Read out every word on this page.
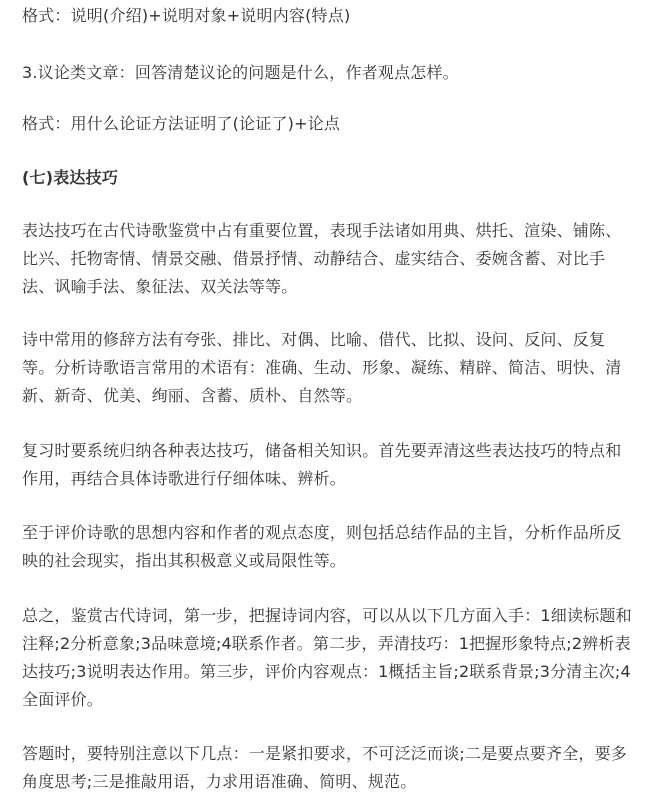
格式：说明(介绍)+说明对象+说明内容(特点)

3.议论类文章：回答清楚议论的问题是什么，作者观点怎样。

格式：用什么论证方法证明了(论证了)+论点

(七)表达技巧

表达技巧在古代诗歌鉴赏中占有重要位置，表现手法诸如用典、烘托、渲染、铺陈、比兴、托物寄情、情景交融、借景抒情、动静结合、虚实结合、委婉含蓄、对比手法、讽喻手法、象征法、双关法等等。

诗中常用的修辞方法有夸张、排比、对偶、比喻、借代、比拟、设问、反问、反复等。分析诗歌语言常用的术语有：准确、生动、形象、凝练、精辟、简洁、明快、清新、新奇、优美、绚丽、含蓄、质朴、自然等。

复习时要系统归纳各种表达技巧，储备相关知识。首先要弄清这些表达技巧的特点和作用，再结合具体诗歌进行仔细体味、辨析。

至于评价诗歌的思想内容和作者的观点态度，则包括总结作品的主旨，分析作品所反映的社会现实，指出其积极意义或局限性等。

总之，鉴赏古代诗词，第一步，把握诗词内容，可以从以下几方面入手：1细读标题和注释;2分析意象;3品味意境;4联系作者。第二步，弄清技巧：1把握形象特点;2辨析表达技巧;3说明表达作用。第三步，评价内容观点：1概括主旨;2联系背景;3分清主次;4全面评价。

答题时，要特别注意以下几点：一是紧扣要求，不可泛泛而谈;二是要点要齐全，要多角度思考;三是推敲用语，力求用语准确、简明、规范。
